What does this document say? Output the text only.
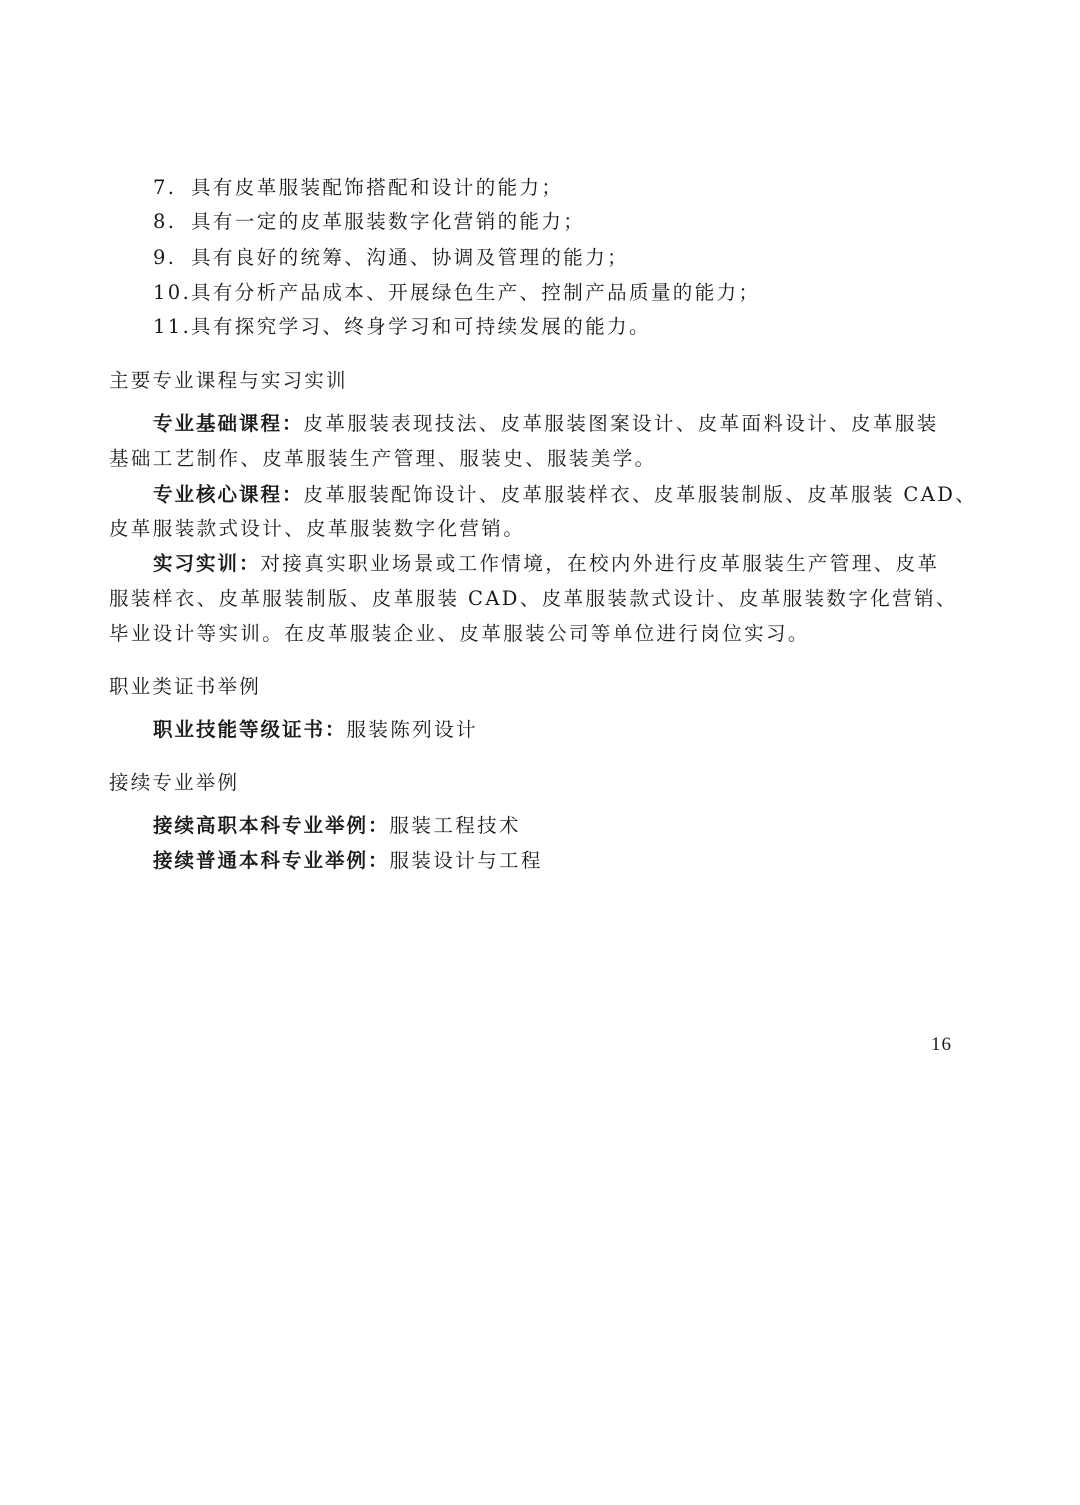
7. 具有皮革服装配饰搭配和设计的能力；
8. 具有一定的皮革服装数字化营销的能力；
9. 具有良好的统筹、沟通、协调及管理的能力；
10.具有分析产品成本、开展绿色生产、控制产品质量的能力；
11.具有探究学习、终身学习和可持续发展的能力。
主要专业课程与实习实训
专业基础课程：皮革服装表现技法、皮革服装图案设计、皮革面料设计、皮革服装
基础工艺制作、皮革服装生产管理、服装史、服装美学。
专业核心课程：皮革服装配饰设计、皮革服装样衣、皮革服装制版、皮革服装 CAD、
皮革服装款式设计、皮革服装数字化营销。
实习实训：对接真实职业场景或工作情境，在校内外进行皮革服装生产管理、皮革
服装样衣、皮革服装制版、皮革服装 CAD、皮革服装款式设计、皮革服装数字化营销、
毕业设计等实训。在皮革服装企业、皮革服装公司等单位进行岗位实习。
职业类证书举例
职业技能等级证书：服装陈列设计
接续专业举例
接续高职本科专业举例：服装工程技术
接续普通本科专业举例：服装设计与工程
16
